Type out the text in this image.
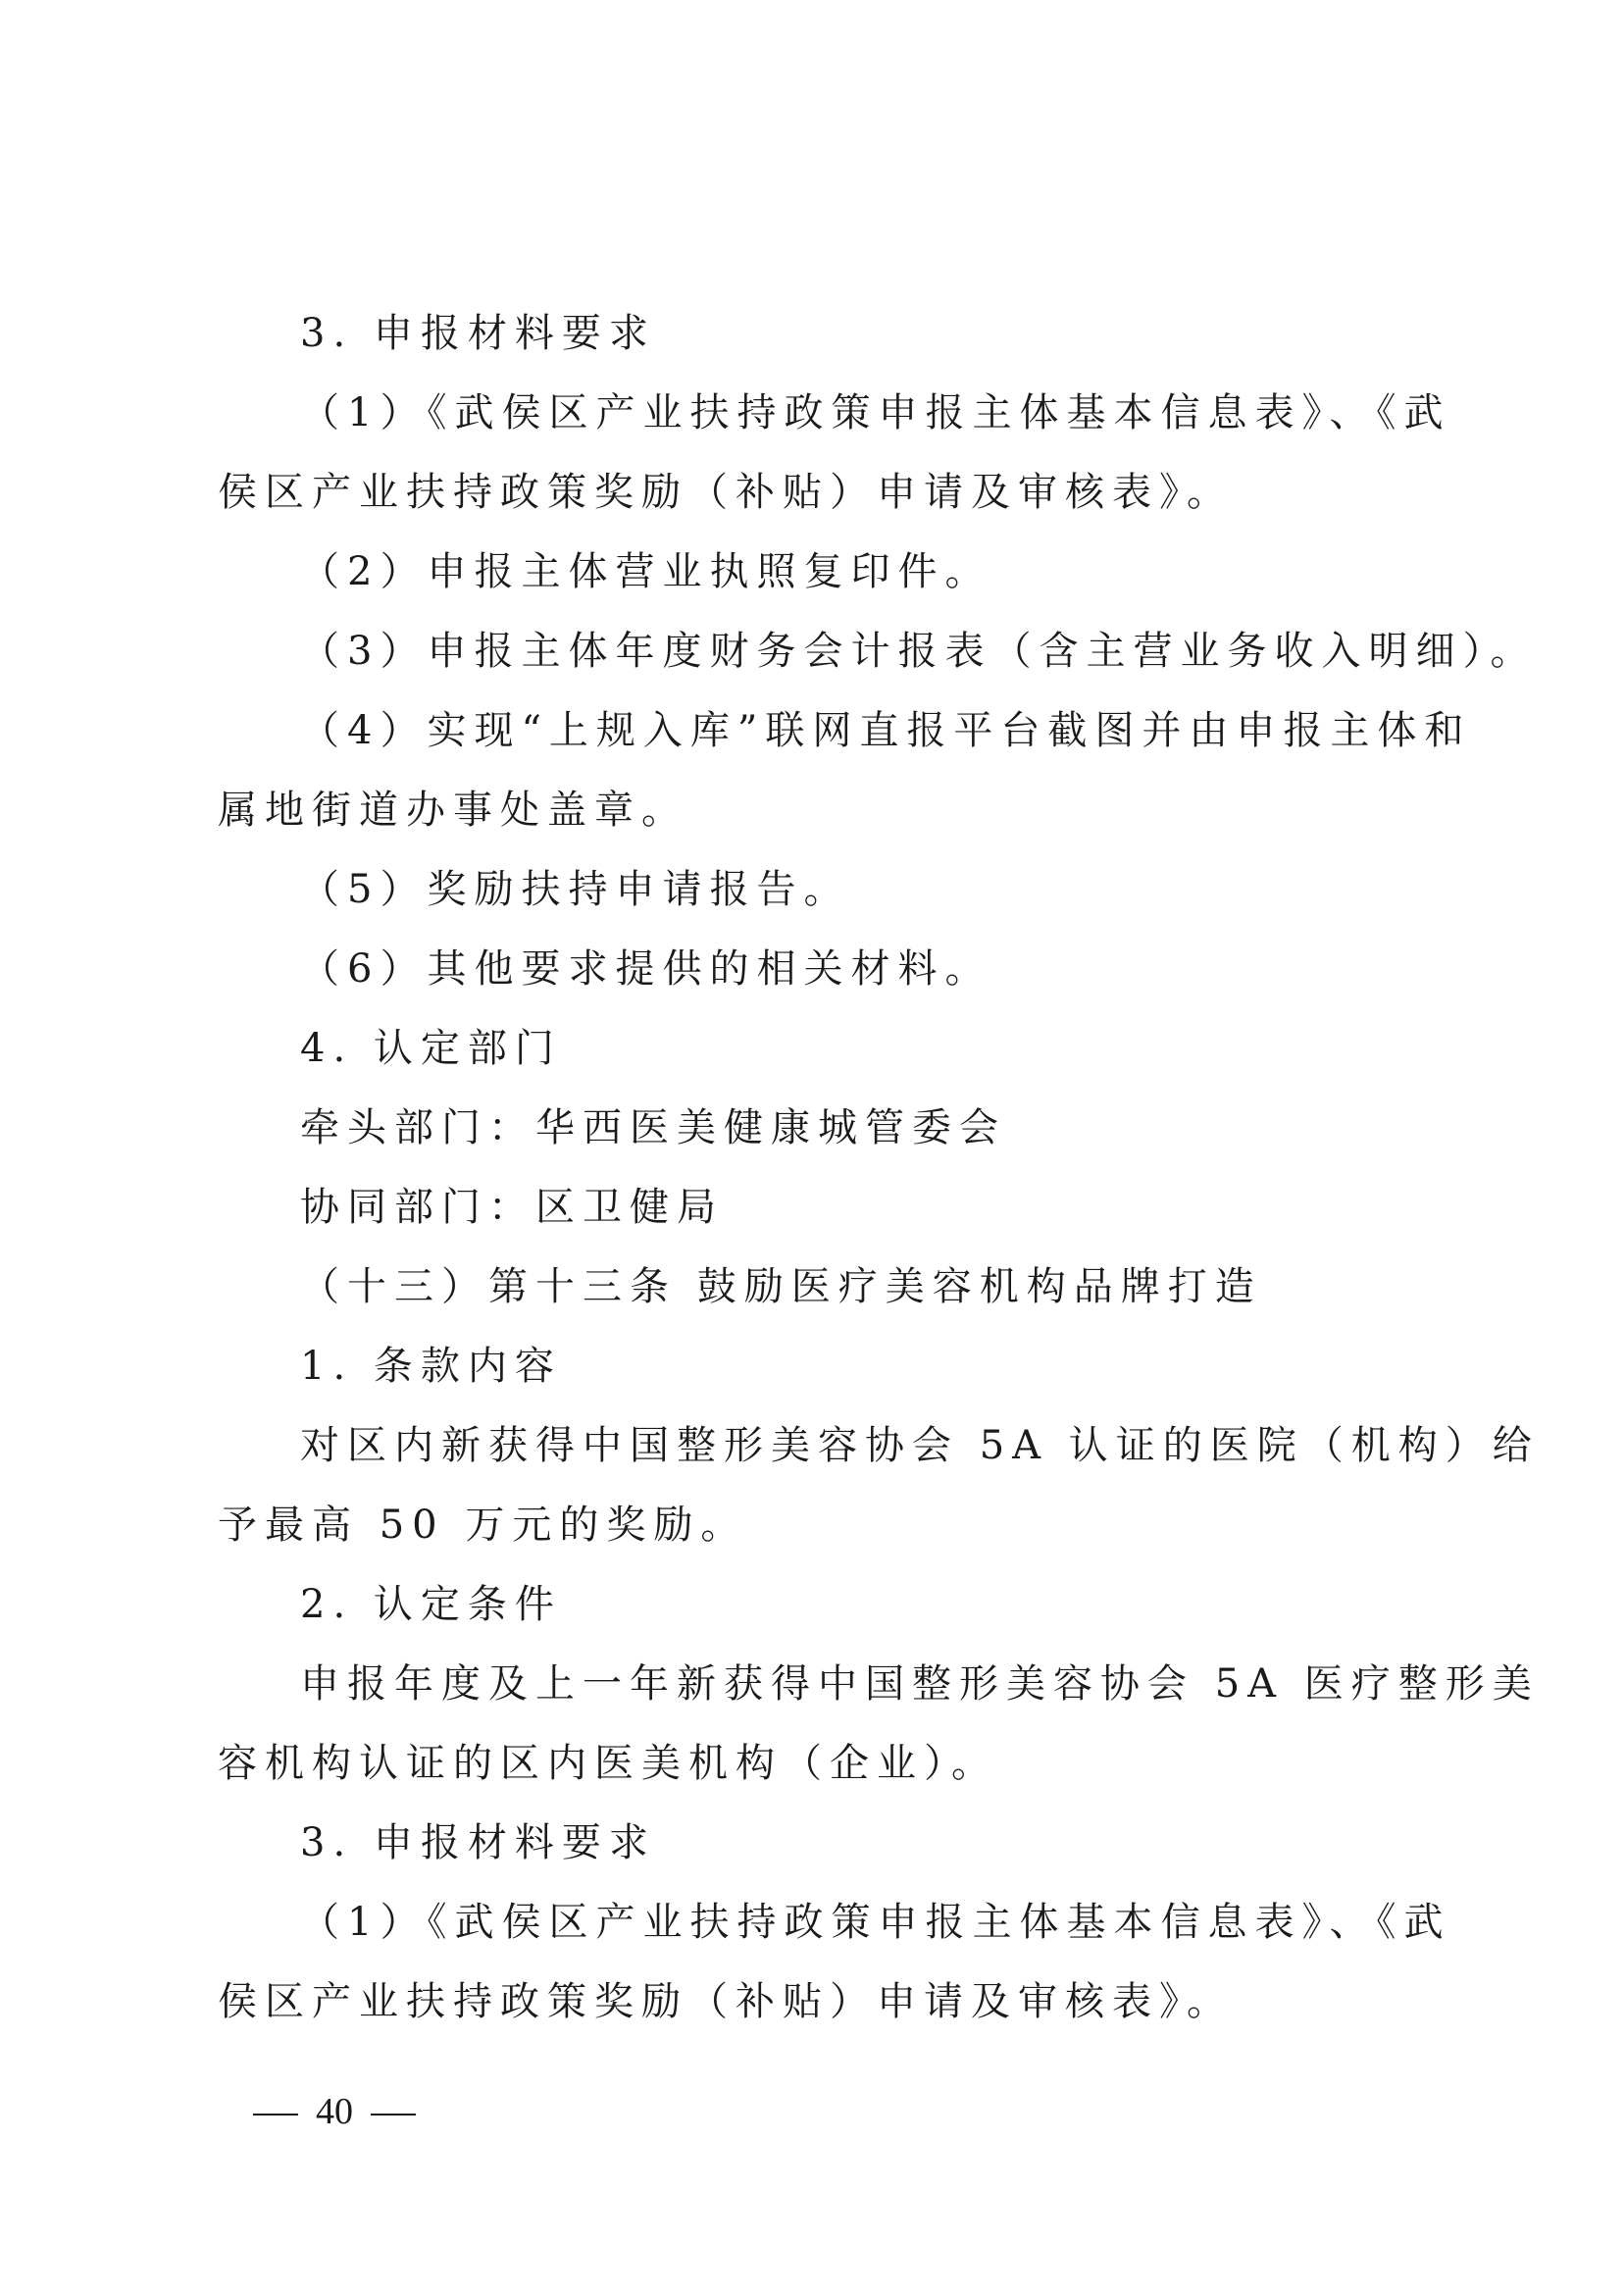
3. 申报材料要求
（1）《武侯区产业扶持政策申报主体基本信息表》、《武
侯区产业扶持政策奖励（补贴）申请及审核表》。
（2）申报主体营业执照复印件。
（3）申报主体年度财务会计报表（含主营业务收入明细）。
（4）实现“上规入库”联网直报平台截图并由申报主体和
属地街道办事处盖章。
（5）奖励扶持申请报告。
（6）其他要求提供的相关材料。
4. 认定部门
牵头部门：华西医美健康城管委会
协同部门：区卫健局
（十三）第十三条 鼓励医疗美容机构品牌打造
1. 条款内容
对区内新获得中国整形美容协会 5A 认证的医院（机构）给
予最高 50 万元的奖励。
2. 认定条件
申报年度及上一年新获得中国整形美容协会 5A 医疗整形美
容机构认证的区内医美机构（企业）。
3. 申报材料要求
（1）《武侯区产业扶持政策申报主体基本信息表》、《武
侯区产业扶持政策奖励（补贴）申请及审核表》。
40
